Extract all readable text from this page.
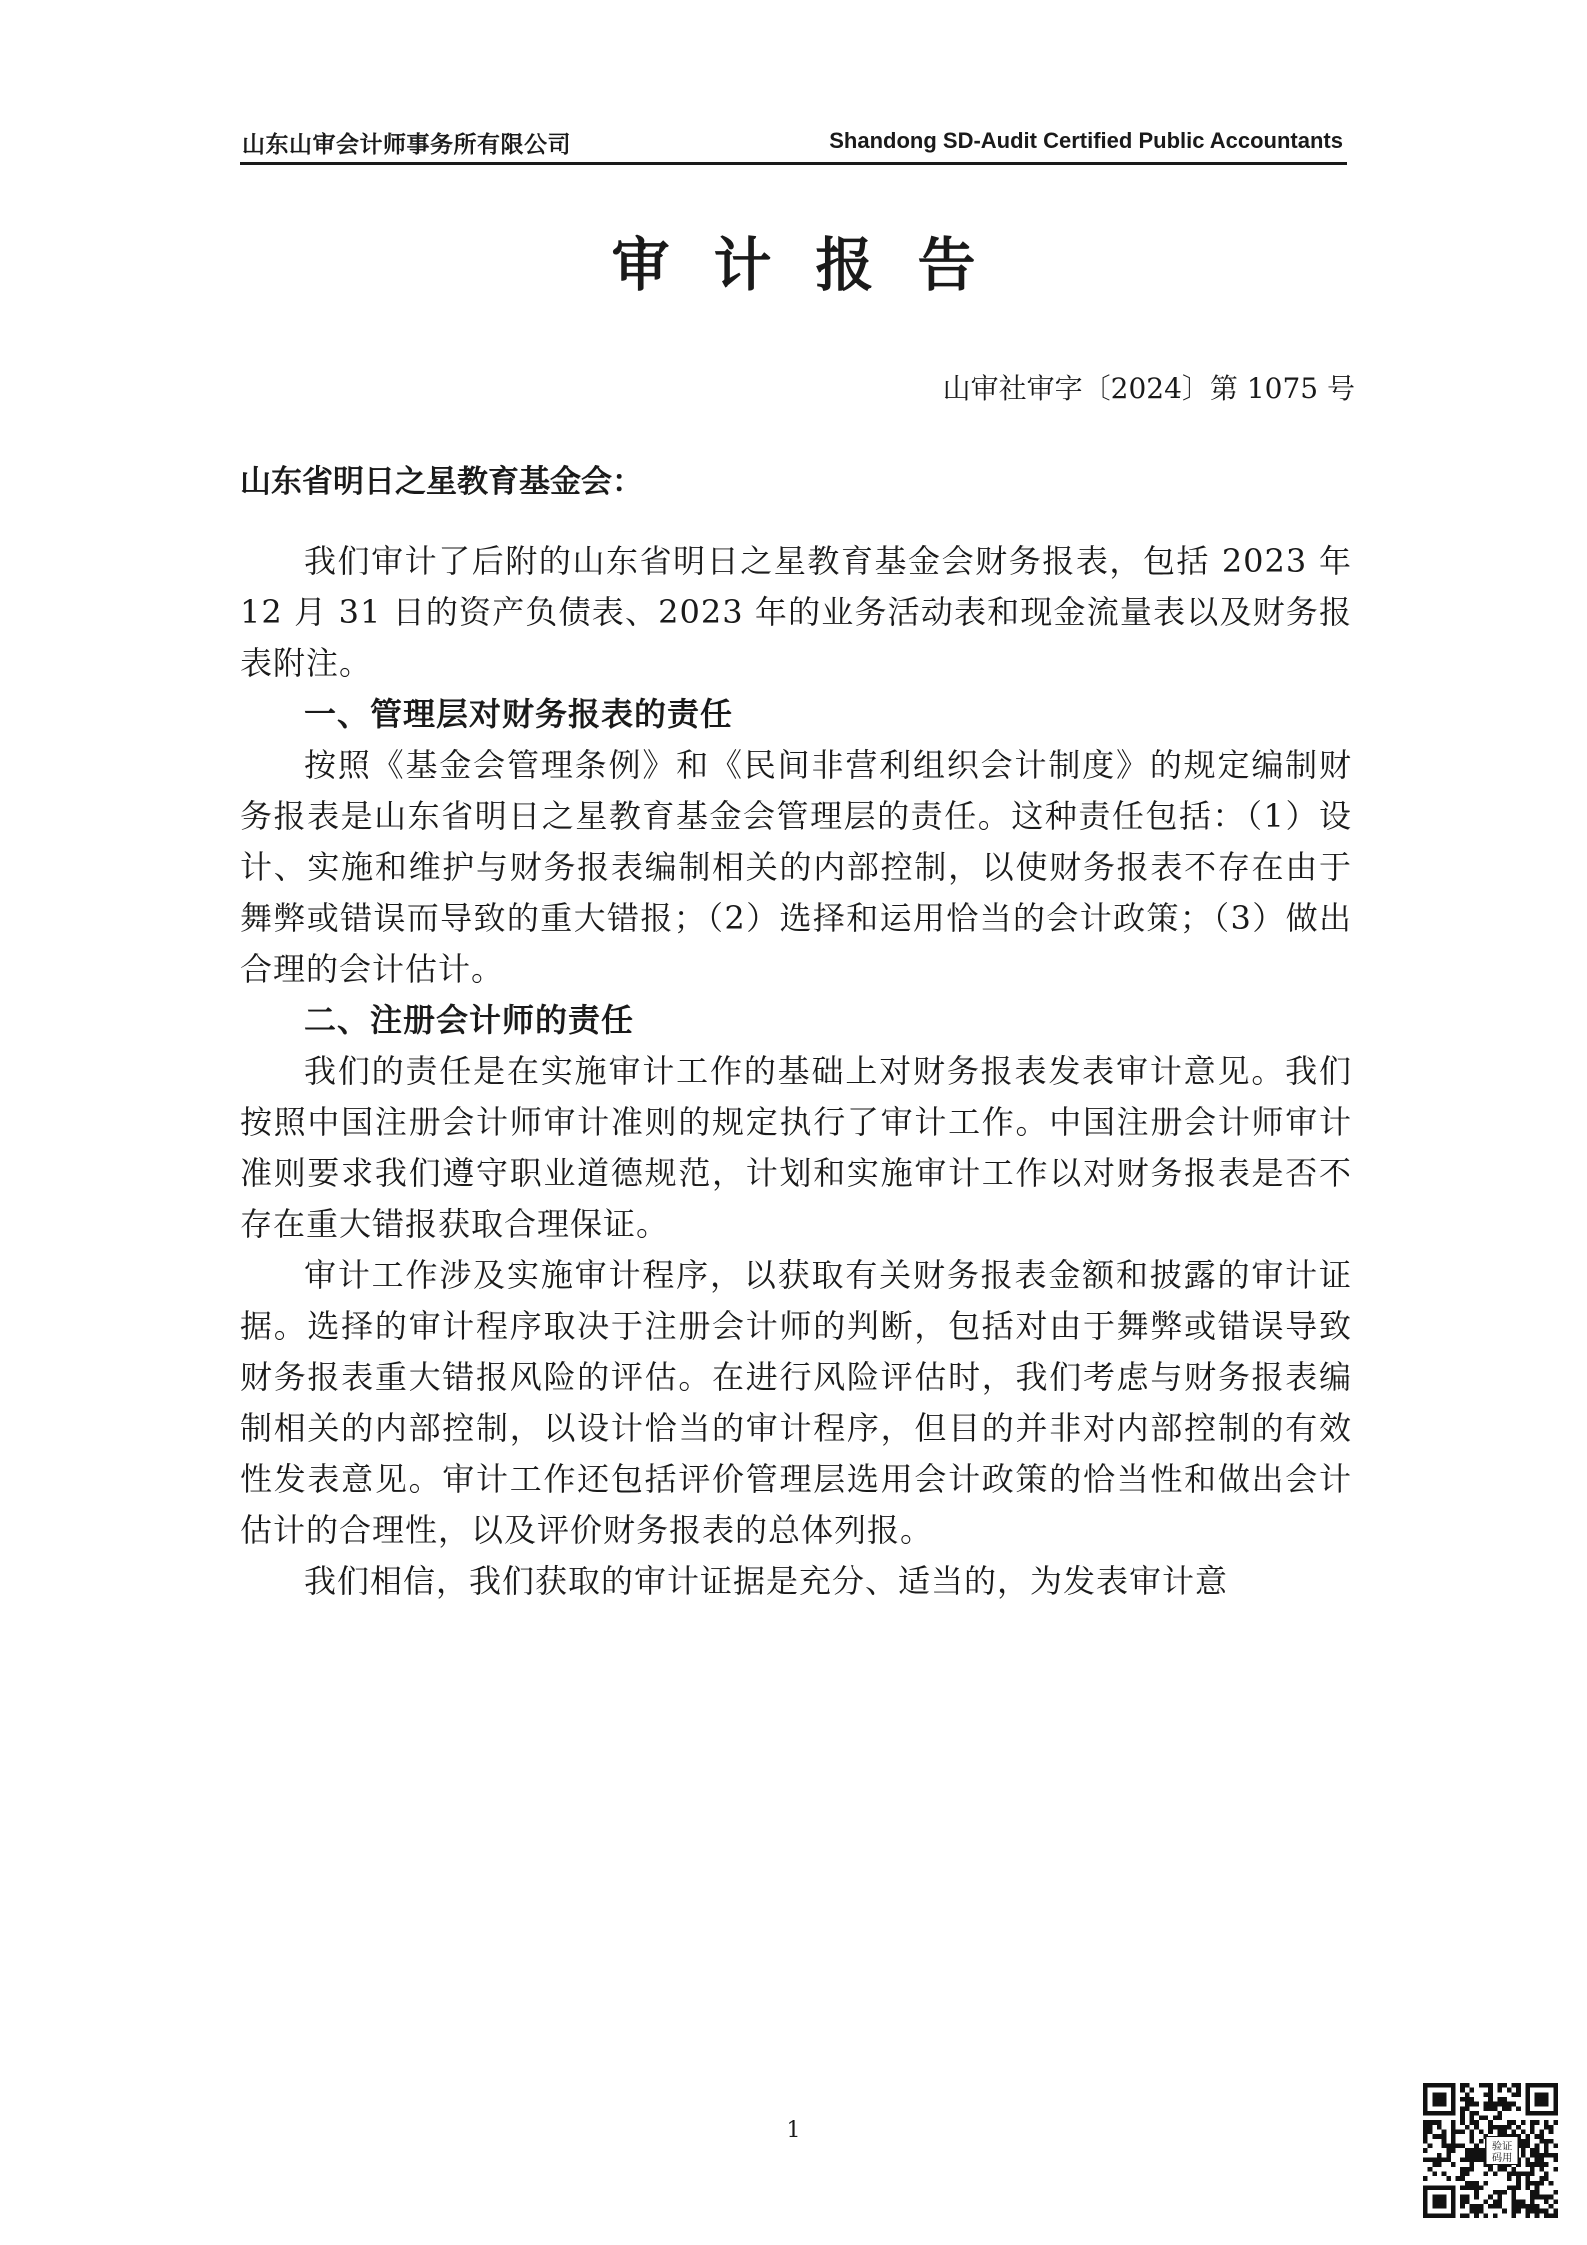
山东山审会计师事务所有限公司	Shandong SD-Audit Certified Public Accountants
审计报告
山审社审字〔2024〕第 1075 号
山东省明日之星教育基金会：

我们审计了后附的山东省明日之星教育基金会财务报表，包括 2023 年 12 月 31 日的资产负债表、2023 年的业务活动表和现金流量表以及财务报表附注。

一、管理层对财务报表的责任

按照《基金会管理条例》和《民间非营利组织会计制度》的规定编制财务报表是山东省明日之星教育基金会管理层的责任。这种责任包括：（1）设计、实施和维护与财务报表编制相关的内部控制，以使财务报表不存在由于舞弊或错误而导致的重大错报；（2）选择和运用恰当的会计政策；（3）做出合理的会计估计。

二、注册会计师的责任

我们的责任是在实施审计工作的基础上对财务报表发表审计意见。我们按照中国注册会计师审计准则的规定执行了审计工作。中国注册会计师审计准则要求我们遵守职业道德规范，计划和实施审计工作以对财务报表是否不存在重大错报获取合理保证。

审计工作涉及实施审计程序，以获取有关财务报表金额和披露的审计证据。选择的审计程序取决于注册会计师的判断，包括对由于舞弊或错误导致财务报表重大错报风险的评估。在进行风险评估时，我们考虑与财务报表编制相关的内部控制，以设计恰当的审计程序，但目的并非对内部控制的有效性发表意见。审计工作还包括评价管理层选用会计政策的恰当性和做出会计估计的合理性，以及评价财务报表的总体列报。

我们相信，我们获取的审计证据是充分、适当的，为发表审计意

1
验证
码用
